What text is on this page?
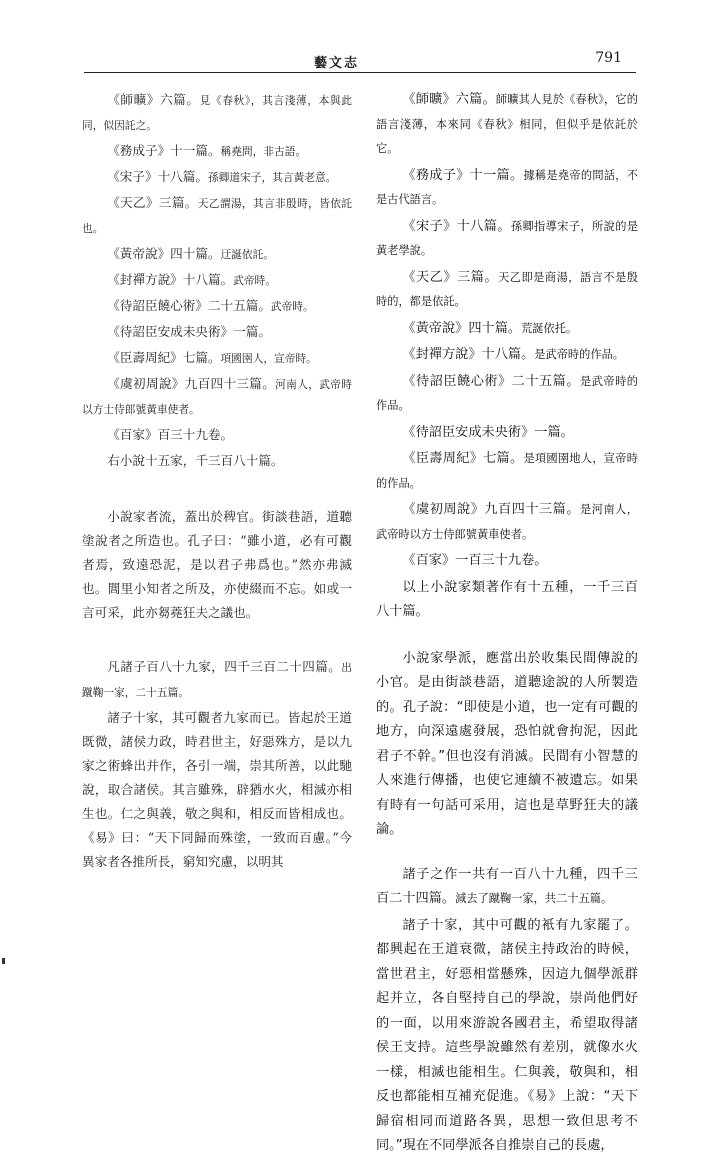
藝文志	791

《師曠》六篇。見《春秋》，其言淺薄，本與此同，似因託之。

《務成子》十一篇。稱堯問，非古語。

《宋子》十八篇。孫卿道宋子，其言黃老意。

《天乙》三篇。天乙謂湯，其言非殷時，皆依託也。

《黃帝說》四十篇。迂誕依託。

《封禪方說》十八篇。武帝時。

《待詔臣饒心術》二十五篇。武帝時。

《待詔臣安成未央術》一篇。

《臣壽周紀》七篇。項國圉人，宣帝時。

《虞初周說》九百四十三篇。河南人，武帝時以方士侍郎號黃車使者。

《百家》百三十九卷。

右小說十五家，千三百八十篇。

小說家者流，蓋出於稗官。街談巷語，道聽塗說者之所造也。孔子曰：“雖小道，必有可觀者焉，致遠恐泥，是以君子弗爲也。”然亦弗滅也。閭里小知者之所及，亦使綴而不忘。如或一言可采，此亦芻蕘狂夫之議也。

凡諸子百八十九家，四千三百二十四篇。出蹴鞠一家，二十五篇。

諸子十家，其可觀者九家而已。皆起於王道既微，諸侯力政，時君世主，好惡殊方，是以九家之術蜂出并作，各引一端，崇其所善，以此馳說，取合諸侯。其言雖殊，辟猶水火，相滅亦相生也。仁之與義，敬之與和，相反而皆相成也。《易》曰：“天下同歸而殊塗，一致而百慮。”今異家者各推所長，窮知究慮，以明其

《師曠》六篇。師曠其人見於《春秋》，它的語言淺薄，本來同《春秋》相同，但似乎是依託於它。

《務成子》十一篇。據稱是堯帝的問話，不是古代語言。

《宋子》十八篇。孫卿指導宋子，所說的是黃老學說。

《天乙》三篇。天乙即是商湯，語言不是殷時的，都是依託。

《黃帝說》四十篇。荒誕依托。

《封禪方說》十八篇。是武帝時的作品。

《待詔臣饒心術》二十五篇。是武帝時的作品。

《待詔臣安成未央術》一篇。

《臣壽周紀》七篇。是項國圉地人，宣帝時的作品。

《虞初周說》九百四十三篇。是河南人，武帝時以方士侍郎號黃車使者。

《百家》一百三十九卷。

以上小說家類著作有十五種，一千三百八十篇。

小說家學派，應當出於收集民間傳說的小官。是由街談巷語，道聽途說的人所製造的。孔子說：“即使是小道，也一定有可觀的地方，向深遠處發展，恐怕就會拘泥，因此君子不幹。”但也沒有消滅。民間有小智慧的人來進行傳播，也使它連續不被遺忘。如果有時有一句話可采用，這也是草野狂夫的議論。

諸子之作一共有一百八十九種，四千三百二十四篇。減去了蹴鞠一家，共二十五篇。

諸子十家，其中可觀的衹有九家罷了。都興起在王道衰微，諸侯主持政治的時候，當世君主，好惡相當懸殊，因這九個學派群起并立，各自堅持自己的學說，崇尚他們好的一面，以用來游說各國君主，希望取得諸侯王支持。這些學說雖然有差別，就像水火一樣，相滅也能相生。仁與義，敬與和，相反也都能相互補充促進。《易》上說：“天下歸宿相同而道路各異，思想一致但思考不同。”現在不同學派各自推崇自己的長處，
